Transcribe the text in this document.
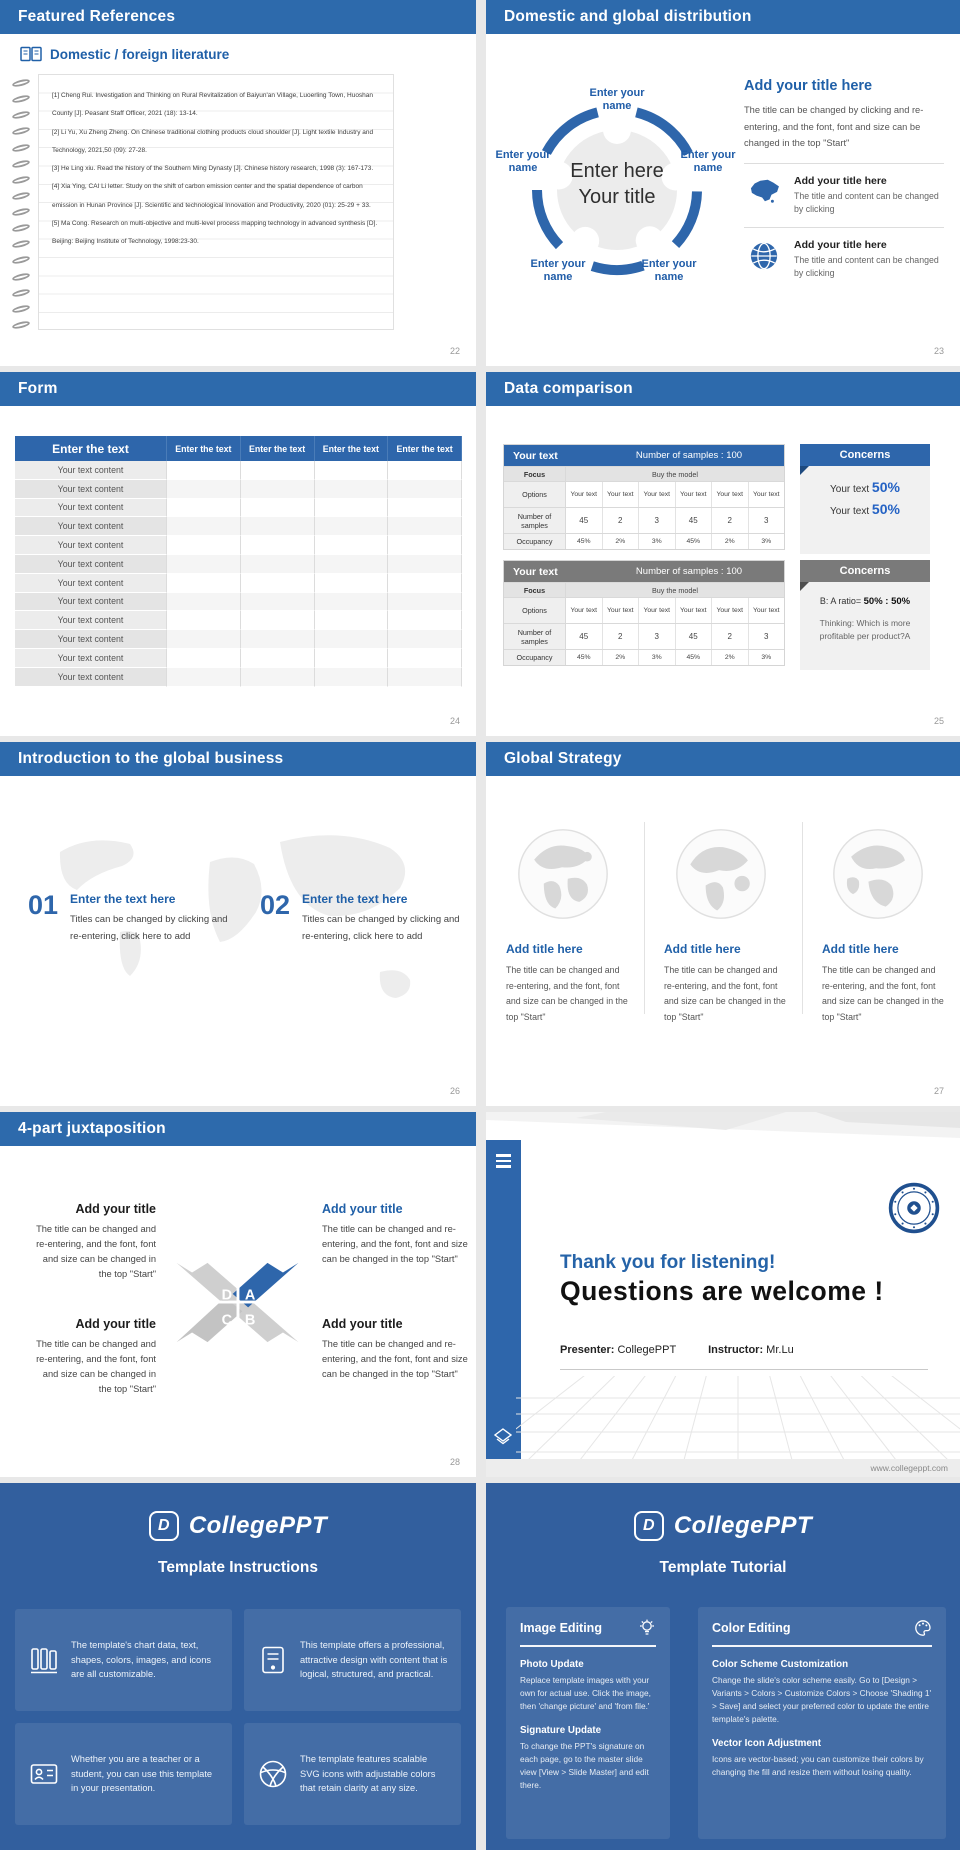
Featured References
Domestic / foreign literature

[1] Cheng Rui. Investigation and Thinking on Rural Revitalization of Baiyun'an Village, Luoerling Town, Huoshan County [J]. Peasant Staff Officer, 2021 (18): 13-14.

[2] Li Yu, Xu Zheng Zheng. On Chinese traditional clothing products cloud shoulder [J]. Light textile Industry and Technology, 2021,50 (09): 27-28.

[3] He Ling xiu. Read the history of the Southern Ming Dynasty [J]. Chinese history research, 1998 (3): 167-173.

[4] Xia Ying, CAI Li letter. Study on the shift of carbon emission center and the spatial dependence of carbon emission in Hunan Province [J]. Scientific and technological Innovation and Productivity, 2020 (01): 25-29 + 33.

[5] Ma Cong. Research on multi-objective and multi-level process mapping technology in advanced synthesis [D]. Beijing: Beijing Institute of Technology, 1998:23-30.

22
Domestic and global distribution
Enter here
Your title
Enter your name
Enter your name
Enter your name
Enter your name
Enter your name
Add your title here
The title can be changed by clicking and re-entering, and the font, font and size can be changed in the top "Start"
Add your title here
The title and content can be changed by clicking
Add your title here
The title and content can be changed by clicking
23
Form
Enter the text	Enter the text	Enter the text	Enter the text	Enter the text
Your text content
Your text content
Your text content
Your text content
Your text content
Your text content
Your text content
Your text content
Your text content
Your text content
Your text content
Your text content
24
Data comparison
Your text	Number of samples : 100
Focus	Buy the model
Options	Your text	Your text	Your text	Your text	Your text	Your text
Number of samples	45	2	3	45	2	3
Occupancy	45%	2%	3%	45%	2%	3%
Your text	Number of samples : 100
Focus	Buy the model
Options	Your text	Your text	Your text	Your text	Your text	Your text
Number of samples	45	2	3	45	2	3
Occupancy	45%	2%	3%	45%	2%	3%
Concerns
Your text 50%
Your text 50%
Concerns
B: A ratio= 50% : 50%
Thinking: Which is more profitable per product?A
25
Introduction to the global business
01 Enter the text here
Titles can be changed by clicking and re-entering, click here to add
02 Enter the text here
Titles can be changed by clicking and re-entering, click here to add
26
Global Strategy
Add title here
The title can be changed and re-entering, and the font, font and size can be changed in the top "Start"
Add title here
The title can be changed and re-entering, and the font, font and size can be changed in the top "Start"
Add title here
The title can be changed and re-entering, and the font, font and size can be changed in the top "Start"
27
4-part juxtaposition
Add your title
The title can be changed and re-entering, and the font, font and size can be changed in the top "Start"
Add your title
The title can be changed and re-entering, and the font, font and size can be changed in the top "Start"
Add your title
The title can be changed and re-entering, and the font, font and size can be changed in the top "Start"
Add your title
The title can be changed and re-entering, and the font, font and size can be changed in the top "Start"
D A
C B
28
Thank you for listening!
Questions are welcome !
Presenter: CollegePPT	Instructor: Mr.Lu
www.collegeppt.com
D CollegePPT
Template Instructions
The template's chart data, text, shapes, colors, images, and icons are all customizable.
This template offers a professional, attractive design with content that is logical, structured, and practical.
Whether you are a teacher or a student, you can use this template in your presentation.
The template features scalable SVG icons with adjustable colors that retain clarity at any size.
D CollegePPT
Template Tutorial
Image Editing
Photo Update

Replace template images with your own for actual use. Click the image, then 'change picture' and 'from file.'

Signature Update

To change the PPT's signature on each page, go to the master slide view [View > Slide Master] and edit there.

Color Editing
Color Scheme Customization

Change the slide's color scheme easily. Go to [Design > Variants > Colors > Customize Colors > Choose 'Shading 1' > Save] and select your preferred color to update the entire template's palette.

Vector Icon Adjustment

Icons are vector-based; you can customize their colors by changing the fill and resize them without losing quality.
